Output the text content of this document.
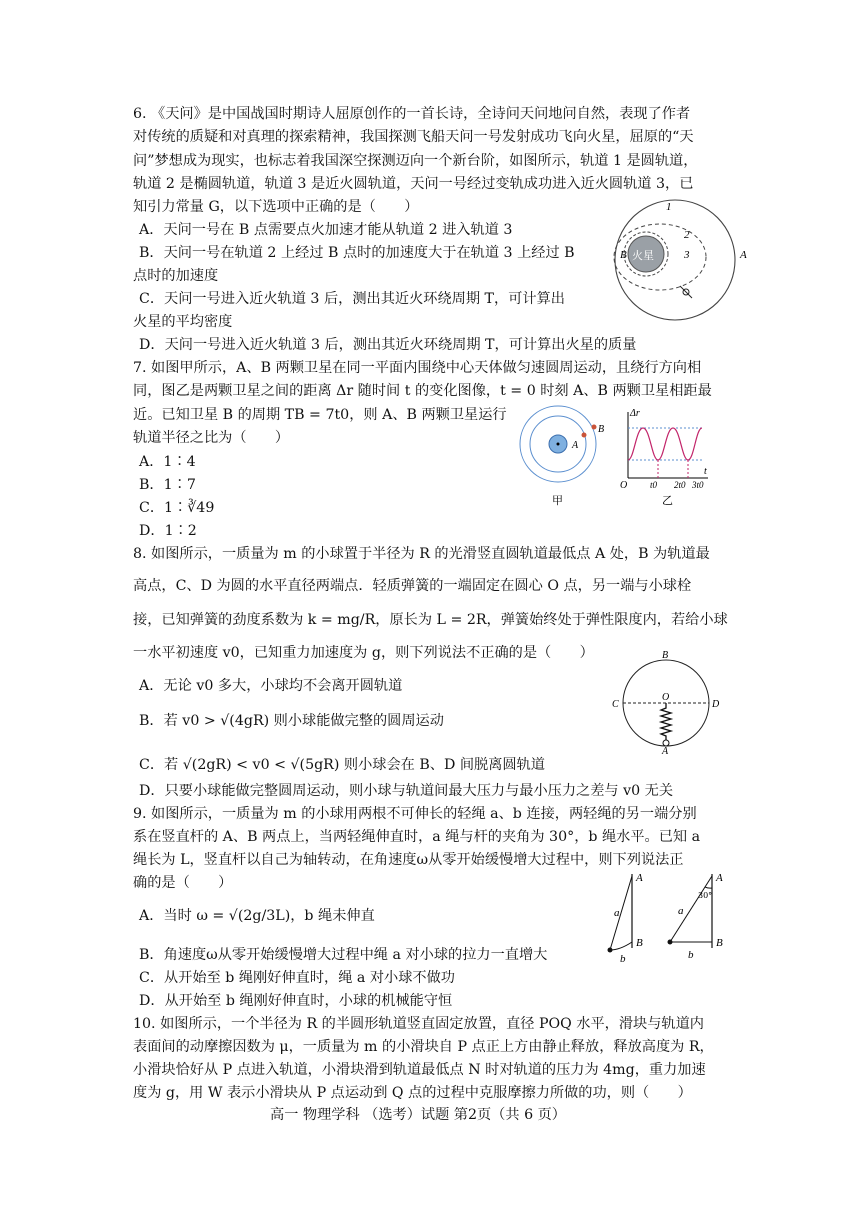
6. 《天问》是中国战国时期诗人屈原创作的一首长诗，全诗问天问地问自然，表现了作者
对传统的质疑和对真理的探索精神，我国探测飞船天问一号发射成功飞向火星，屈原的“天
问”梦想成为现实，也标志着我国深空探测迈向一个新台阶，如图所示，轨道 1 是圆轨道，
轨道 2 是椭圆轨道，轨道 3 是近火圆轨道，天问一号经过变轨成功进入近火圆轨道 3，已
知引力常量 G，以下选项中正确的是（　　）
A．天问一号在 B 点需要点火加速才能从轨道 2 进入轨道 3
B．天问一号在轨道 2 上经过 B 点时的加速度大于在轨道 3 上经过 B
点时的加速度
C．天问一号进入近火轨道 3 后，测出其近火环绕周期 T，可计算出
火星的平均密度
D．天问一号进入近火轨道 3 后，测出其近火环绕周期 T，可计算出火星的质量
7. 如图甲所示，A、B 两颗卫星在同一平面内围绕中心天体做匀速圆周运动，且绕行方向相
同，图乙是两颗卫星之间的距离 Δr 随时间 t 的变化图像，t = 0 时刻 A、B 两颗卫星相距最
近。已知卫星 B 的周期 TB = 7t0，则 A、B 两颗卫星运行
轨道半径之比为（　　）
A．1∶4
B．1∶7
C．1∶∛49
D．1∶2
8. 如图所示，一质量为 m 的小球置于半径为 R 的光滑竖直圆轨道最低点 A 处，B 为轨道最
高点，C、D 为圆的水平直径两端点．轻质弹簧的一端固定在圆心 O 点，另一端与小球栓
接，已知弹簧的劲度系数为 k = mg/R，原长为 L = 2R，弹簧始终处于弹性限度内，若给小球
一水平初速度 v0，已知重力加速度为 g，则下列说法不正确的是（　　）
A．无论 v0 多大，小球均不会离开圆轨道
B．若 v0 > √(4gR) 则小球能做完整的圆周运动
C．若 √(2gR) < v0 < √(5gR) 则小球会在 B、D 间脱离圆轨道
D．只要小球能做完整圆周运动，则小球与轨道间最大压力与最小压力之差与 v0 无关
9. 如图所示，一质量为 m 的小球用两根不可伸长的轻绳 a、b 连接，两轻绳的另一端分别
系在竖直杆的 A、B 两点上，当两轻绳伸直时，a 绳与杆的夹角为 30°，b 绳水平。已知 a
绳长为 L，竖直杆以自己为轴转动，在角速度ω从零开始缓慢增大过程中，则下列说法正
确的是（　　）
A．当时 ω = √(2g/3L)，b 绳未伸直
B．角速度ω从零开始缓慢增大过程中绳 a 对小球的拉力一直增大
C．从开始至 b 绳刚好伸直时，绳 a 对小球不做功
D．从开始至 b 绳刚好伸直时，小球的机械能守恒
10. 如图所示，一个半径为 R 的半圆形轨道竖直固定放置，直径 POQ 水平，滑块与轨道内
表面间的动摩擦因数为 μ，一质量为 m 的小滑块自 P 点正上方由静止释放，释放高度为 R，
小滑块恰好从 P 点进入轨道，小滑块滑到轨道最低点 N 时对轨道的压力为 4mg，重力加速
度为 g，用 W 表示小滑块从 P 点运动到 Q 点的过程中克服摩擦力所做的功，则（　　）
高一 物理学科 （选考）试题 第2页（共 6 页）
火星
1
2
3
B	A
A
B
甲
Δr
t
O	t0 2t0 3t0
乙
B
C	D
O
A
A
B
a
b
30°
A
B
a
b
